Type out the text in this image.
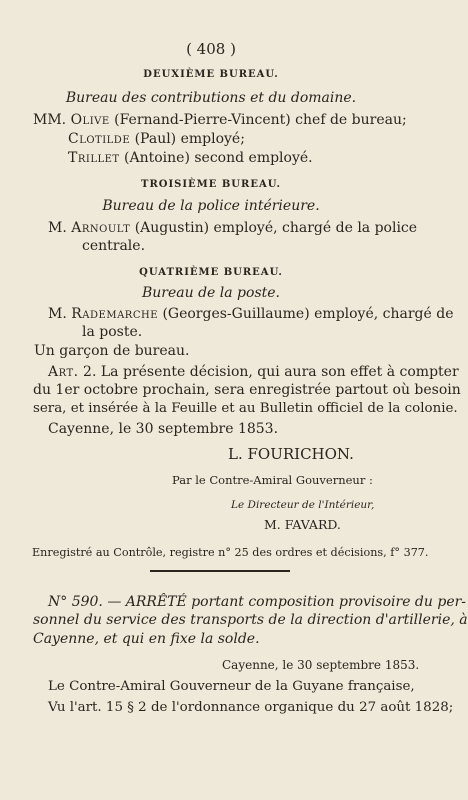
( 408 )
DEUXIÈME BUREAU.
Bureau des contributions et du domaine.
MM. Olive (Fernand-Pierre-Vincent) chef de bureau;
Clotilde (Paul) employé;
Trillet (Antoine) second employé.
TROISIÈME BUREAU.
Bureau de la police intérieure.
M. Arnoult (Augustin) employé, chargé de la police
centrale.
QUATRIÈME BUREAU.
Bureau de la poste.
M. Rademarche (Georges-Guillaume) employé, chargé de
la poste.
Un garçon de bureau.
Art. 2. La présente décision, qui aura son effet à compter
du 1er octobre prochain, sera enregistrée partout où besoin
sera, et insérée à la Feuille et au Bulletin officiel de la colonie.
Cayenne, le 30 septembre 1853.
L. FOURICHON.
Par le Contre-Amiral Gouverneur :
Le Directeur de l'Intérieur,
M. FAVARD.
Enregistré au Contrôle, registre n° 25 des ordres et décisions, f° 377.
N° 590. — ARRÊTÉ portant composition provisoire du per-
sonnel du service des transports de la direction d'artillerie, à
Cayenne, et qui en fixe la solde.
Cayenne, le 30 septembre 1853.
Le Contre-Amiral Gouverneur de la Guyane française,
Vu l'art. 15 § 2 de l'ordonnance organique du 27 août 1828;
